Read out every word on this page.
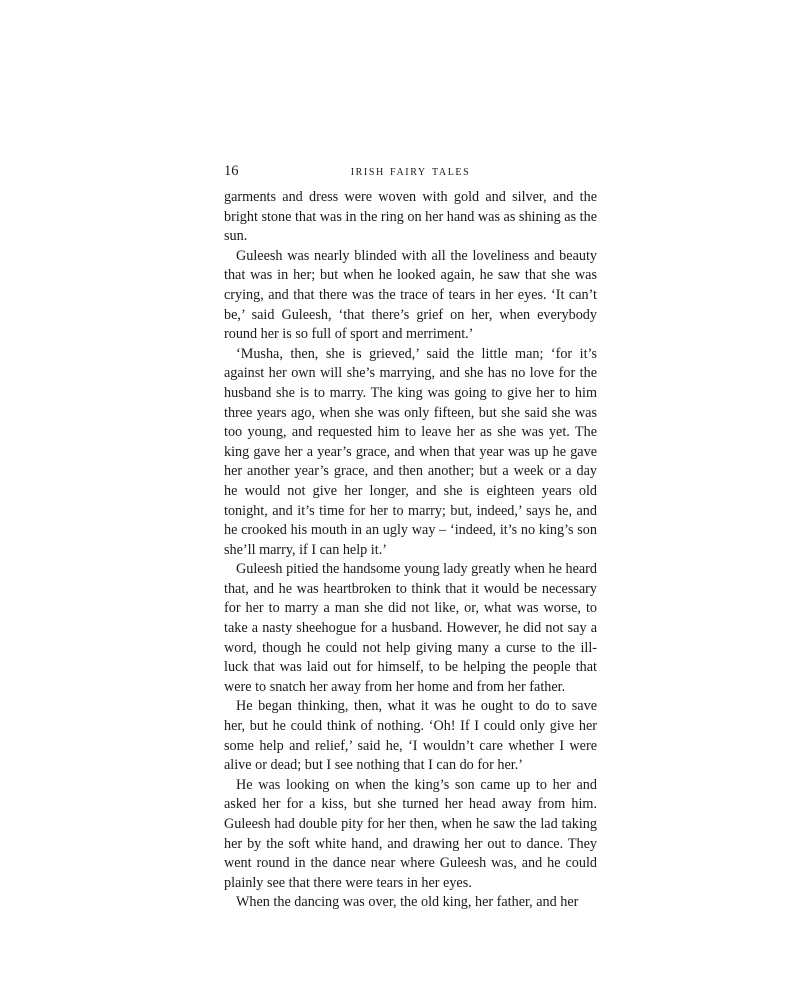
16	irish fairy tales

garments and dress were woven with gold and silver, and the bright stone that was in the ring on her hand was as shining as the sun.

Guleesh was nearly blinded with all the loveliness and beauty that was in her; but when he looked again, he saw that she was crying, and that there was the trace of tears in her eyes. ‘It can’t be,’ said Guleesh, ‘that there’s grief on her, when everybody round her is so full of sport and merriment.’

‘Musha, then, she is grieved,’ said the little man; ‘for it’s against her own will she’s marrying, and she has no love for the husband she is to marry. The king was going to give her to him three years ago, when she was only fifteen, but she said she was too young, and requested him to leave her as she was yet. The king gave her a year’s grace, and when that year was up he gave her another year’s grace, and then another; but a week or a day he would not give her longer, and she is eighteen years old tonight, and it’s time for her to marry; but, indeed,’ says he, and he crooked his mouth in an ugly way – ‘indeed, it’s no king’s son she’ll marry, if I can help it.’

Guleesh pitied the handsome young lady greatly when he heard that, and he was heartbroken to think that it would be necessary for her to marry a man she did not like, or, what was worse, to take a nasty sheehogue for a husband. However, he did not say a word, though he could not help giving many a curse to the ill-luck that was laid out for himself, to be helping the people that were to snatch her away from her home and from her father.

He began thinking, then, what it was he ought to do to save her, but he could think of nothing. ‘Oh! If I could only give her some help and relief,’ said he, ‘I wouldn’t care whether I were alive or dead; but I see nothing that I can do for her.’

He was looking on when the king’s son came up to her and asked her for a kiss, but she turned her head away from him. Guleesh had double pity for her then, when he saw the lad taking her by the soft white hand, and drawing her out to dance. They went round in the dance near where Guleesh was, and he could plainly see that there were tears in her eyes.

When the dancing was over, the old king, her father, and her
